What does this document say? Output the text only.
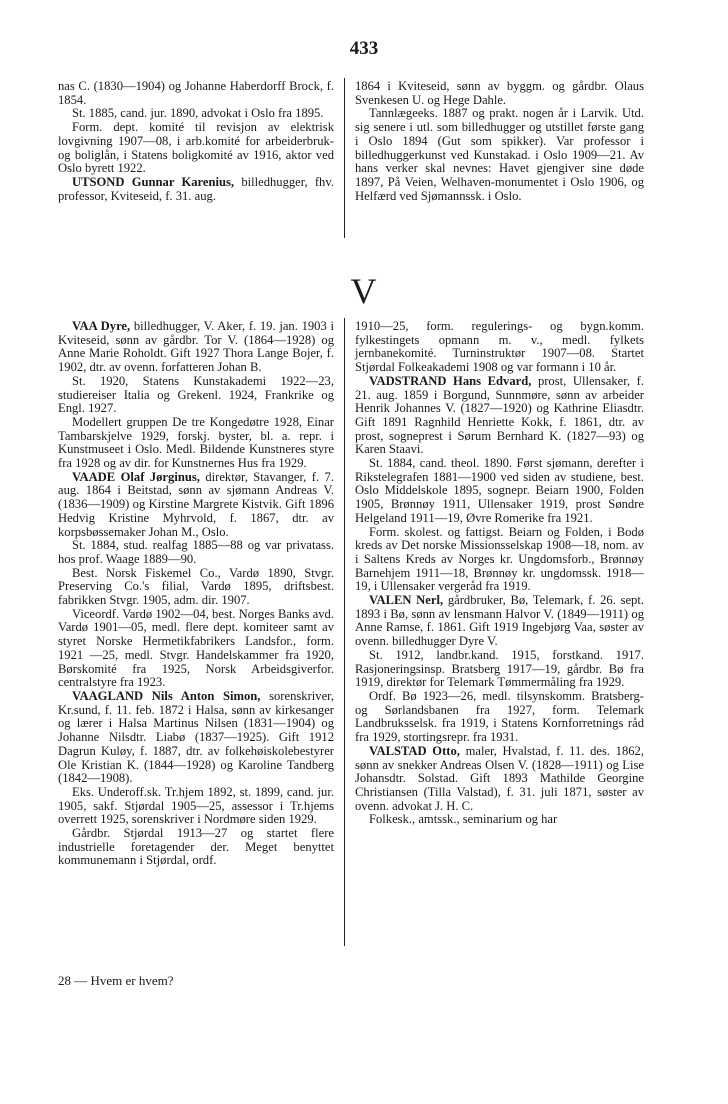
433

nas C. (1830—1904) og Johanne Haberdorff Brock, f. 1854.

St. 1885, cand. jur. 1890, advokat i Oslo fra 1895.

Form. dept. komité til revisjon av elektrisk lovgivning 1907—08, i arb.komité for arbeiderbruk- og boliglån, i Statens boligkomité av 1916, aktor ved Oslo byrett 1922.

UTSOND Gunnar Karenius, billedhugger, fhv. professor, Kviteseid, f. 31. aug.

1864 i Kviteseid, sønn av byggm. og gårdbr. Olaus Svenkesen U. og Hege Dahle.

Tannlægeeks. 1887 og prakt. nogen år i Larvik. Utd. sig senere i utl. som billedhugger og utstillet første gang i Oslo 1894 (Gut som spikker). Var professor i billedhuggerkunst ved Kunstakad. i Oslo 1909—21. Av hans verker skal nevnes: Havet gjengiver sine døde 1897, På Veien, Welhaven-monumentet i Oslo 1906, og Helfærd ved Sjømannssk. i Oslo.

V

VAA Dyre, billedhugger, V. Aker, f. 19. jan. 1903 i Kviteseid, sønn av gårdbr. Tor V. (1864—1928) og Anne Marie Roholdt. Gift 1927 Thora Lange Bojer, f. 1902, dtr. av ovenn. forfatteren Johan B.

St. 1920, Statens Kunstakademi 1922—23, studiereiser Italia og Grekenl. 1924, Frankrike og Engl. 1927.

Modellert gruppen De tre Kongedøtre 1928, Einar Tambarskjelve 1929, forskj. byster, bl. a. repr. i Kunstmuseet i Oslo. Medl. Bildende Kunstneres styre fra 1928 og av dir. for Kunstnernes Hus fra 1929.

VAADE Olaf Jørginus, direktør, Stavanger, f. 7. aug. 1864 i Beitstad, sønn av sjømann Andreas V. (1836—1909) og Kirstine Margrete Kistvik. Gift 1896 Hedvig Kristine Myhrvold, f. 1867, dtr. av korpsbøssemaker Johan M., Oslo.

St. 1884, stud. realfag 1885—88 og var privatass. hos prof. Waage 1889—90.

Best. Norsk Fiskemel Co., Vardø 1890, Stvgr. Preserving Co.'s filial, Vardø 1895, driftsbest. fabrikken Stvgr. 1905, adm. dir. 1907.

Viceordf. Vardø 1902—04, best. Norges Banks avd. Vardø 1901—05, medl. flere dept. komiteer samt av styret Norske Hermetikfabrikers Landsfor., form. 1921 —25, medl. Stvgr. Handelskammer fra 1920, Børskomité fra 1925, Norsk Arbeidsgiverfor. centralstyre fra 1923.

VAAGLAND Nils Anton Simon, sorenskriver, Kr.sund, f. 11. feb. 1872 i Halsa, sønn av kirkesanger og lærer i Halsa Martinus Nilsen (1831—1904) og Johanne Nilsdtr. Liabø (1837—1925). Gift 1912 Dagrun Kuløy, f. 1887, dtr. av folkehøiskolebestyrer Ole Kristian K. (1844—1928) og Karoline Tandberg (1842—1908).

Eks. Underoff.sk. Tr.hjem 1892, st. 1899, cand. jur. 1905, sakf. Stjørdal 1905—25, assessor i Tr.hjems overrett 1925, sorenskriver i Nordmøre siden 1929.

Gårdbr. Stjørdal 1913—27 og startet flere industrielle foretagender der. Meget benyttet kommunemann i Stjørdal, ordf.

1910—25, form. regulerings- og bygn.komm. fylkestingets opmann m. v., medl. fylkets jernbanekomité. Turninstruktør 1907—08. Startet Stjørdal Folkeakademi 1908 og var formann i 10 år.

VADSTRAND Hans Edvard, prost, Ullensaker, f. 21. aug. 1859 i Borgund, Sunnmøre, sønn av arbeider Henrik Johannes V. (1827—1920) og Kathrine Eliasdtr. Gift 1891 Ragnhild Henriette Kokk, f. 1861, dtr. av prost, sogneprest i Sørum Bernhard K. (1827—93) og Karen Staavi.

St. 1884, cand. theol. 1890. Først sjømann, derefter i Rikstelegrafen 1881—1900 ved siden av studiene, best. Oslo Middelskole 1895, sognepr. Beiarn 1900, Folden 1905, Brønnøy 1911, Ullensaker 1919, prost Søndre Helgeland 1911—19, Øvre Romerike fra 1921.

Form. skolest. og fattigst. Beiarn og Folden, i Bodø kreds av Det norske Missionsselskap 1908—18, nom. av i Saltens Kreds av Norges kr. Ungdomsforb., Brønnøy Barnehjem 1911—18, Brønnøy kr. ungdomssk. 1918—19, i Ullensaker vergeråd fra 1919.

VALEN Nerl, gårdbruker, Bø, Telemark, f. 26. sept. 1893 i Bø, sønn av lensmann Halvor V. (1849—1911) og Anne Ramse, f. 1861. Gift 1919 Ingebjørg Vaa, søster av ovenn. billedhugger Dyre V.

St. 1912, landbr.kand. 1915, forstkand. 1917. Rasjoneringsinsp. Bratsberg 1917—19, gårdbr. Bø fra 1919, direktør for Telemark Tømmermåling fra 1929.

Ordf. Bø 1923—26, medl. tilsynskomm. Bratsberg- og Sørlandsbanen fra 1927, form. Telemark Landbruksselsk. fra 1919, i Statens Kornforretnings råd fra 1929, stortingsrepr. fra 1931.

VALSTAD Otto, maler, Hvalstad, f. 11. des. 1862, sønn av snekker Andreas Olsen V. (1828—1911) og Lise Johansdtr. Solstad. Gift 1893 Mathilde Georgine Christiansen (Tilla Valstad), f. 31. juli 1871, søster av ovenn. advokat J. H. C.

Folkesk., amtssk., seminarium og har

28 — Hvem er hvem?
